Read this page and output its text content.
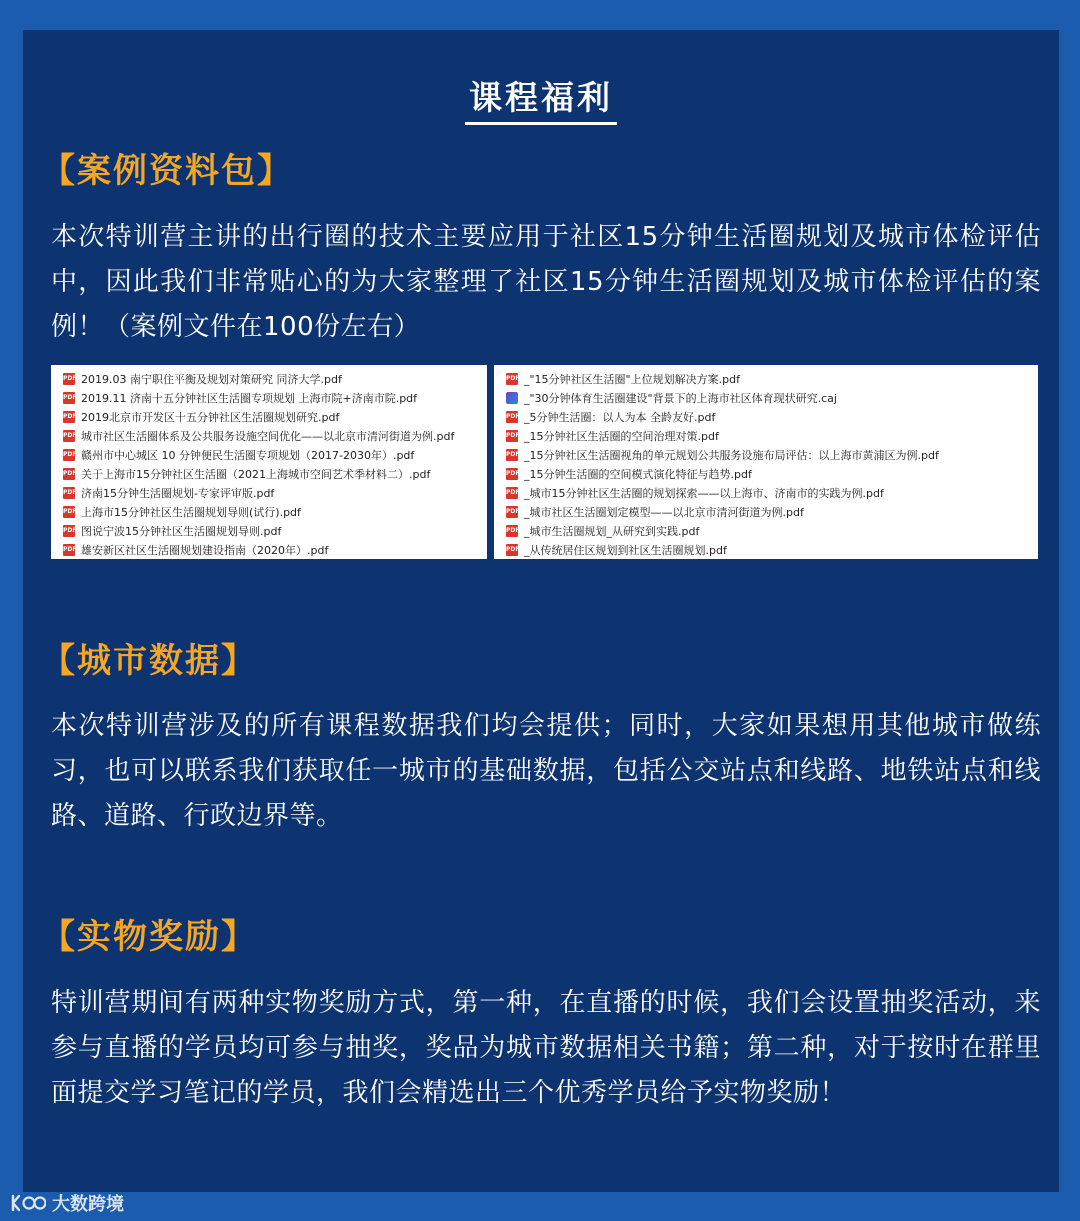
课程福利
【案例资料包】

本次特训营主讲的出行圈的技术主要应用于社区15分钟生活圈规划及城市体检评估中，因此我们非常贴心的为大家整理了社区15分钟生活圈规划及城市体检评估的案例！（案例文件在100份左右）

PDF 2019.03 南宁职住平衡及规划对策研究 同济大学.pdf
PDF 2019.11 济南十五分钟社区生活圈专项规划 上海市院+济南市院.pdf
PDF 2019北京市开发区十五分钟社区生活圈规划研究.pdf
PDF 城市社区生活圈体系及公共服务设施空间优化——以北京市清河街道为例.pdf
PDF 赣州市中心城区 10 分钟便民生活圈专项规划（2017-2030年）.pdf
PDF 关于上海市15分钟社区生活圈（2021上海城市空间艺术季材料二）.pdf
PDF 济南15分钟生活圈规划-专家评审版.pdf
PDF 上海市15分钟社区生活圈规划导则(试行).pdf
PDF 图说宁波15分钟社区生活圈规划导则.pdf
PDF 雄安新区社区生活圈规划建设指南（2020年）.pdf
PDF _"15分钟社区生活圈"上位规划解决方案.pdf
_"30分钟体育生活圈建设"背景下的上海市社区体育现状研究.caj
PDF _5分钟生活圈：以人为本 全龄友好.pdf
PDF _15分钟社区生活圈的空间治理对策.pdf
PDF _15分钟社区生活圈视角的单元规划公共服务设施布局评估：以上海市黄浦区为例.pdf
PDF _15分钟生活圈的空间模式演化特征与趋势.pdf
PDF _城市15分钟社区生活圈的规划探索——以上海市、济南市的实践为例.pdf
PDF _城市社区生活圈划定模型——以北京市清河街道为例.pdf
PDF _城市生活圈规划_从研究到实践.pdf
PDF _从传统居住区规划到社区生活圈规划.pdf
【城市数据】

本次特训营涉及的所有课程数据我们均会提供；同时，大家如果想用其他城市做练习，也可以联系我们获取任一城市的基础数据，包括公交站点和线路、地铁站点和线路、道路、行政边界等。

【实物奖励】

特训营期间有两种实物奖励方式，第一种，在直播的时候，我们会设置抽奖活动，来参与直播的学员均可参与抽奖，奖品为城市数据相关书籍；第二种，对于按时在群里面提交学习笔记的学员，我们会精选出三个优秀学员给予实物奖励！

大数跨境
